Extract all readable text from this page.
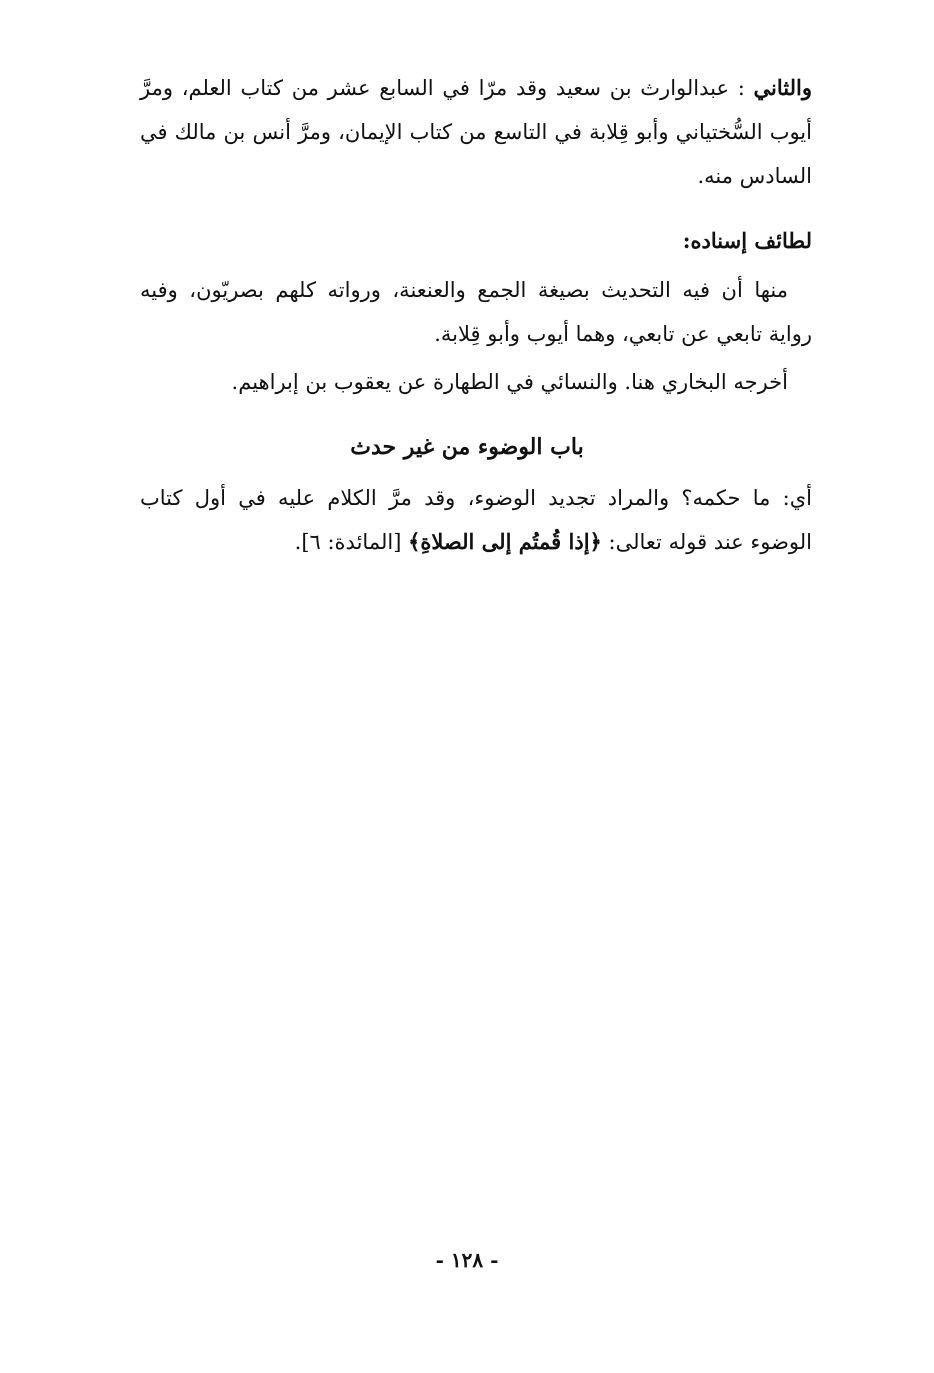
والثاني : عبدالوارث بن سعيد وقد مرّا في السابع عشر من كتاب العلم، ومرَّ أيوب السُّختياني وأبو قِلابة في التاسع من كتاب الإيمان، ومرَّ أنس بن مالك في السادس منه.

لطائف إسناده:

منها أن فيه التحديث بصيغة الجمع والعنعنة، ورواته كلهم بصريّون، وفيه رواية تابعي عن تابعي، وهما أيوب وأبو قِلابة.

أخرجه البخاري هنا. والنسائي في الطهارة عن يعقوب بن إبراهيم.

باب الوضوء من غير حدث

أي: ما حكمه؟ والمراد تجديد الوضوء، وقد مرَّ الكلام عليه في أول كتاب الوضوء عند قوله تعالى: ﴿إذا قُمتُم إلى الصلاةِ﴾ [المائدة: ٦].

- ١٢٨ -
